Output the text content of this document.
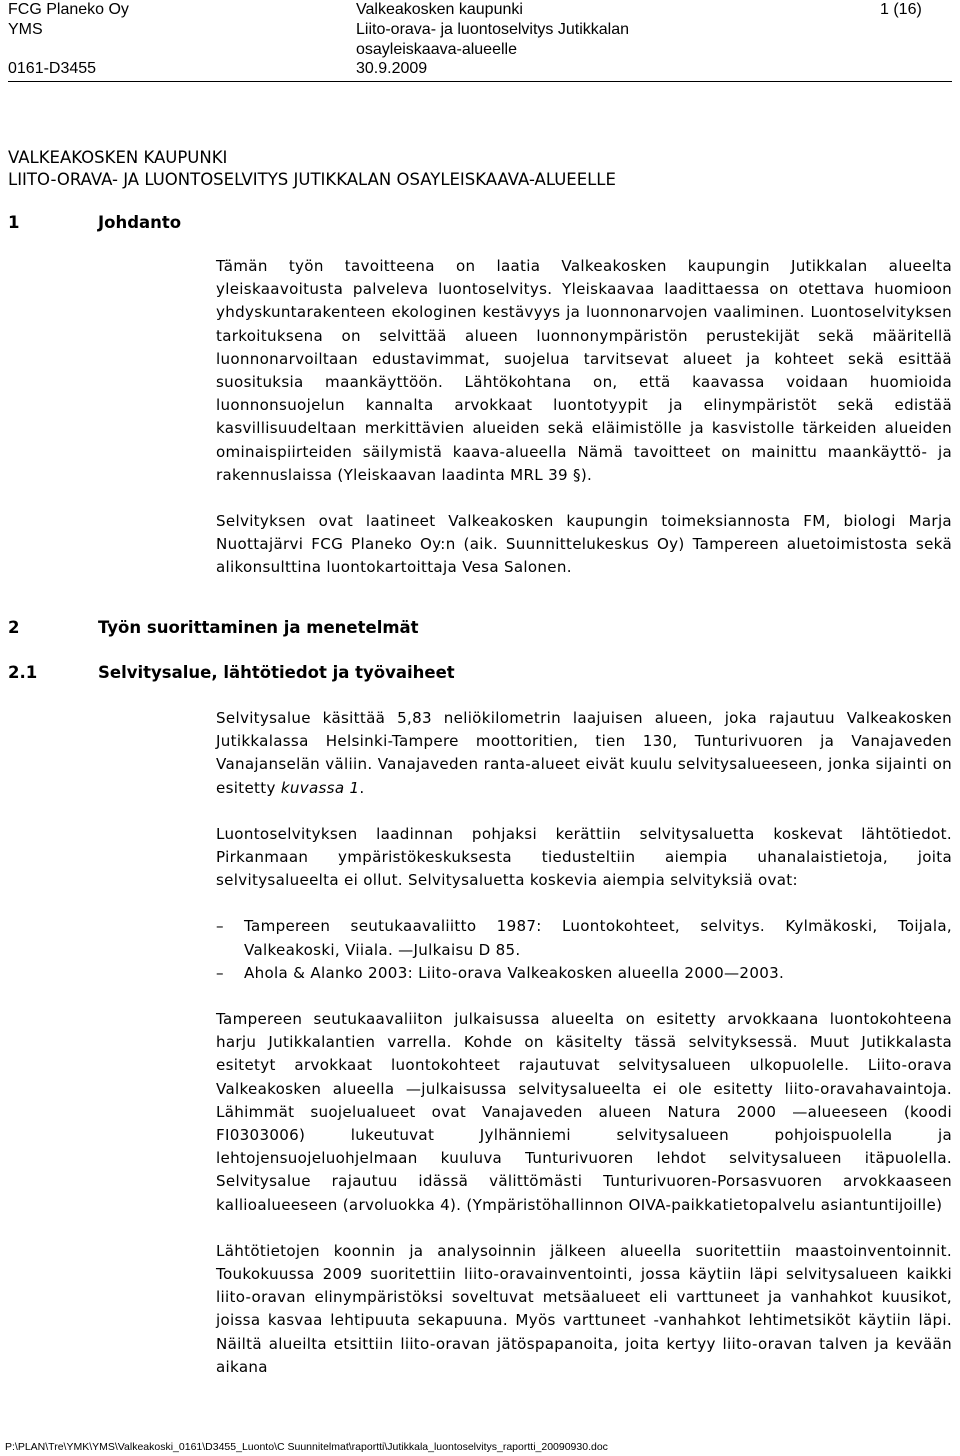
FCG Planeko Oy
YMS
0161-D3455
Valkeakosken kaupunki
Liito-orava- ja luontoselvitys Jutikkalan
osayleiskaava-alueelle
30.9.2009
1 (16)
VALKEAKOSKEN KAUPUNKI
LIITO-ORAVA- JA LUONTOSELVITYS JUTIKKALAN OSAYLEISKAAVA-ALUEELLE
1	Johdanto

Tämän työn tavoitteena on laatia Valkeakosken kaupungin Jutikkalan alueelta yleiskaavoitusta palveleva luontoselvitys. Yleiskaavaa laadittaessa on otettava huomioon yhdyskuntarakenteen ekologinen kestävyys ja luonnonarvojen vaaliminen. Luontoselvityksen tarkoituksena on selvittää alueen luonnonympäristön perustekijät sekä määritellä luonnonarvoiltaan edustavimmat, suojelua tarvitsevat alueet ja kohteet sekä esittää suosituksia maankäyttöön. Lähtökohtana on, että kaavassa voidaan huomioida luonnonsuojelun kannalta arvokkaat luontotyypit ja elinympäristöt sekä edistää kasvillisuudeltaan merkittävien alueiden sekä eläimistölle ja kasvistolle tärkeiden alueiden ominaispiirteiden säilymistä kaava-alueella Nämä tavoitteet on mainittu maankäyttö- ja rakennuslaissa (Yleiskaavan laadinta MRL 39 §).

Selvityksen ovat laatineet Valkeakosken kaupungin toimeksiannosta FM, biologi Marja Nuottajärvi FCG Planeko Oy:n (aik. Suunnittelukeskus Oy) Tampereen aluetoimistosta sekä alikonsulttina luontokartoittaja Vesa Salonen.

2	Työn suorittaminen ja menetelmät
2.1	Selvitysalue, lähtötiedot ja työvaiheet

Selvitysalue käsittää 5,83 neliökilometrin laajuisen alueen, joka rajautuu Valkeakosken Jutikkalassa Helsinki-Tampere moottoritien, tien 130, Tunturivuoren ja Vanajaveden Vanajanselän väliin. Vanajaveden ranta-alueet eivät kuulu selvitysalueeseen, jonka sijainti on esitetty kuvassa 1.

Luontoselvityksen laadinnan pohjaksi kerättiin selvitysaluetta koskevat lähtötiedot. Pirkanmaan ympäristökeskuksesta tiedusteltiin aiempia uhanalaistietoja, joita selvitysalueelta ei ollut. Selvitysaluetta koskevia aiempia selvityksiä ovat:

– Tampereen seutukaavaliitto 1987: Luontokohteet, selvitys. Kylmäkoski, Toijala, Valkeakoski, Viiala. —Julkaisu D 85.
– Ahola & Alanko 2003: Liito-orava Valkeakosken alueella 2000—2003.

Tampereen seutukaavaliiton julkaisussa alueelta on esitetty arvokkaana luontokohteena harju Jutikkalantien varrella. Kohde on käsitelty tässä selvityksessä. Muut Jutikkalasta esitetyt arvokkaat luontokohteet rajautuvat selvitysalueen ulkopuolelle. Liito-orava Valkeakosken alueella —julkaisussa selvitysalueelta ei ole esitetty liito-oravahavaintoja. Lähimmät suojelualueet ovat Vanajaveden alueen Natura 2000 —alueeseen (koodi FI0303006) lukeutuvat Jylhänniemi selvitysalueen pohjoispuolella ja lehtojensuojeluohjelmaan kuuluva Tunturivuoren lehdot selvitysalueen itäpuolella. Selvitysalue rajautuu idässä välittömästi Tunturivuoren-Porsasvuoren arvokkaaseen kallioalueeseen (arvoluokka 4). (Ympäristöhallinnon OIVA-paikkatietopalvelu asiantuntijoille)

Lähtötietojen koonnin ja analysoinnin jälkeen alueella suoritettiin maastoinventoinnit. Toukokuussa 2009 suoritettiin liito-oravainventointi, jossa käytiin läpi selvitysalueen kaikki liito-oravan elinympäristöksi soveltuvat metsäalueet eli varttuneet ja vanhahkot kuusikot, joissa kasvaa lehtipuuta sekapuuna. Myös varttuneet -vanhahkot lehtimetsiköt käytiin läpi. Näiltä alueilta etsittiin liito-oravan jätöspapanoita, joita kertyy liito-oravan talven ja kevään aikana

P:\PLAN\Tre\YMK\YMS\Valkeakoski_0161\D3455_Luonto\C Suunnitelmat\raportti\Jutikkala_luontoselvitys_raportti_20090930.doc
